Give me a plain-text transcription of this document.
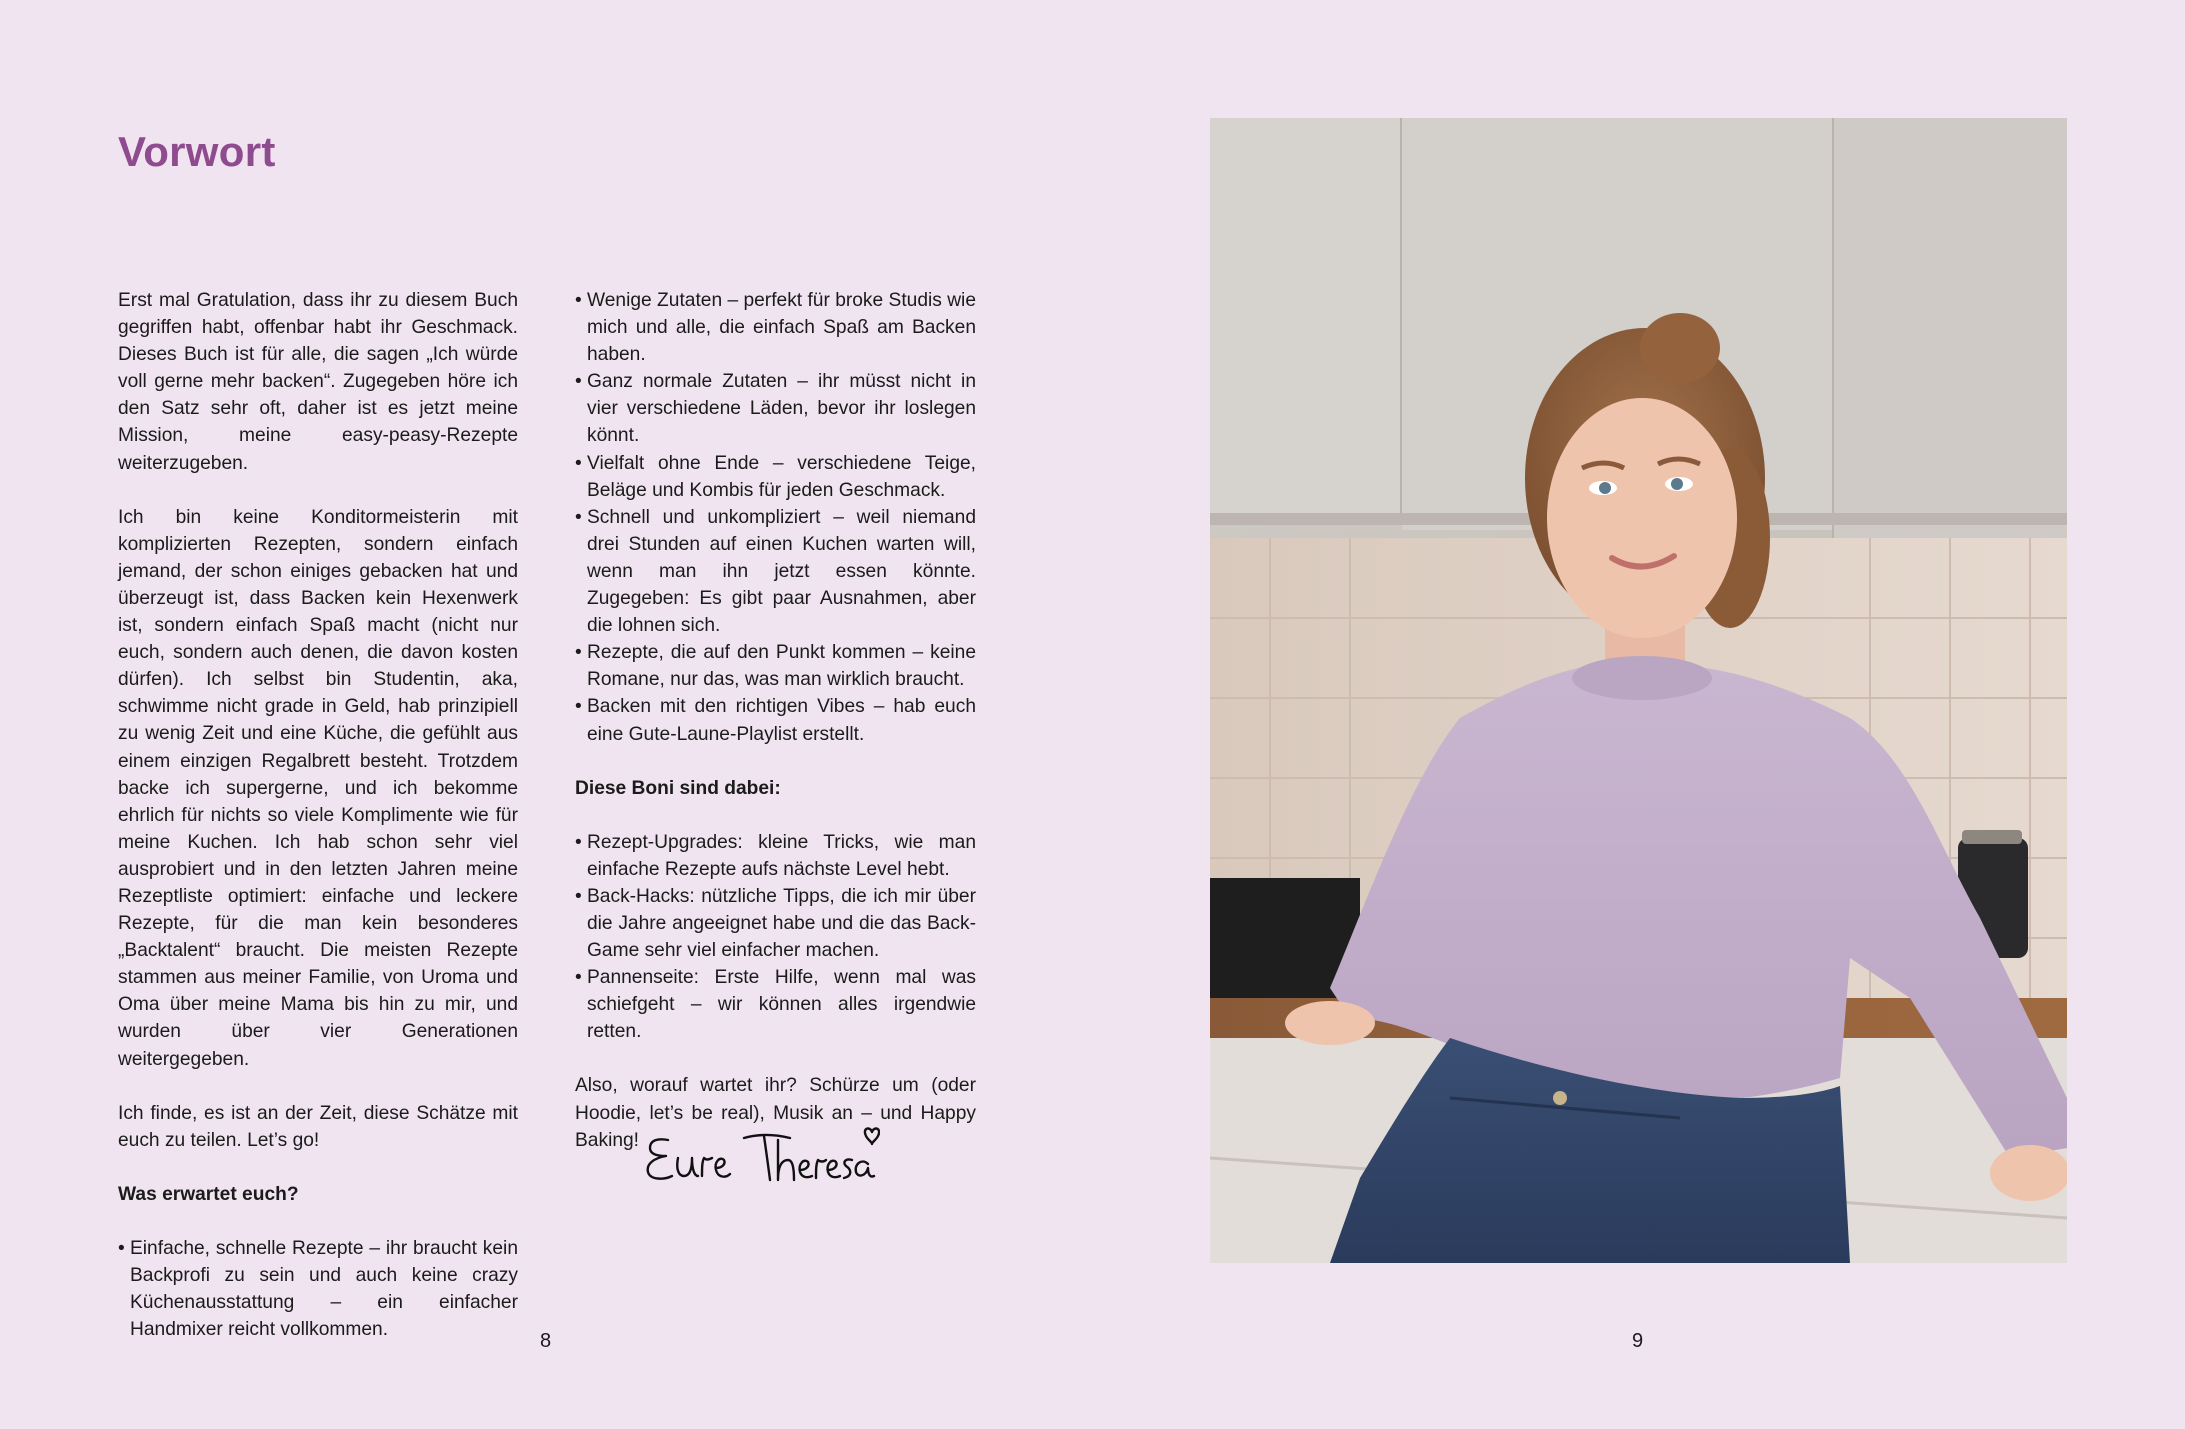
Vorwort

Erst mal Gratulation, dass ihr zu diesem Buch gegriffen habt, offenbar habt ihr Geschmack. Dieses Buch ist für alle, die sagen „Ich würde voll gerne mehr backen“. Zugegeben höre ich den Satz sehr oft, daher ist es jetzt meine Mission, meine easy-peasy-Rezepte weiterzugeben.

Ich bin keine Konditormeisterin mit komplizierten Rezepten, sondern einfach jemand, der schon einiges gebacken hat und überzeugt ist, dass Backen kein Hexenwerk ist, sondern einfach Spaß macht (nicht nur euch, sondern auch denen, die davon kosten dürfen). Ich selbst bin Studentin, aka, schwimme nicht grade in Geld, hab prinzipiell zu wenig Zeit und eine Küche, die gefühlt aus einem einzigen Regalbrett besteht. Trotzdem backe ich supergerne, und ich bekomme ehrlich für nichts so viele Komplimente wie für meine Kuchen. Ich hab schon sehr viel ausprobiert und in den letzten Jahren meine Rezeptliste optimiert: einfache und leckere Rezepte, für die man kein besonderes „Backtalent“ braucht. Die meisten Rezepte stammen aus meiner Familie, von Uroma und Oma über meine Mama bis hin zu mir, und wurden über vier Generationen weitergegeben.

Ich finde, es ist an der Zeit, diese Schätze mit euch zu teilen. Let’s go!

Was erwartet euch?
• Einfache, schnelle Rezepte – ihr braucht kein Backprofi zu sein und auch keine crazy Küchenausstattung – ein einfacher Handmixer reicht vollkommen.
• Wenige Zutaten – perfekt für broke Studis wie mich und alle, die einfach Spaß am Backen haben.
• Ganz normale Zutaten – ihr müsst nicht in vier verschiedene Läden, bevor ihr loslegen könnt.
• Vielfalt ohne Ende – verschiedene Teige, Beläge und Kombis für jeden Geschmack.
• Schnell und unkompliziert – weil niemand drei Stunden auf einen Kuchen warten will, wenn man ihn jetzt essen könnte. Zugegeben: Es gibt paar Ausnahmen, aber die lohnen sich.
• Rezepte, die auf den Punkt kommen – keine Romane, nur das, was man wirklich braucht.
• Backen mit den richtigen Vibes – hab euch eine Gute-Laune-Playlist erstellt.
Diese Boni sind dabei:
• Rezept-Upgrades: kleine Tricks, wie man einfache Rezepte aufs nächste Level hebt.
• Back-Hacks: nützliche Tipps, die ich mir über die Jahre angeeignet habe und die das Back-Game sehr viel einfacher machen.
• Pannenseite: Erste Hilfe, wenn mal was schiefgeht – wir können alles irgendwie retten.

Also, worauf wartet ihr? Schürze um (oder Hoodie, let’s be real), Musik an – und Happy Baking!

8	9
